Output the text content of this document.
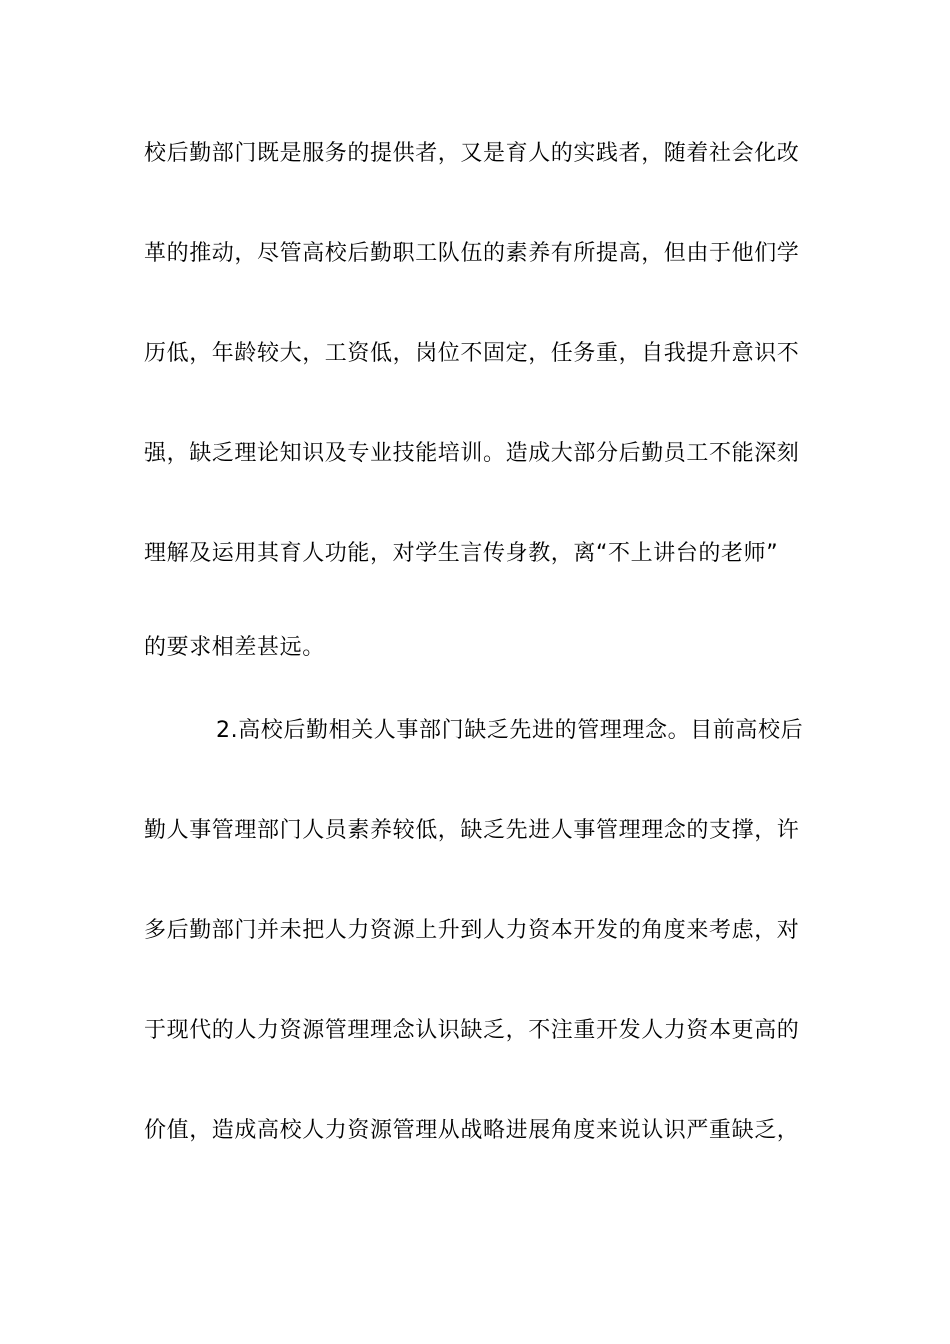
校后勤部门既是服务的提供者，又是育人的实践者，随着社会化改
革的推动，尽管高校后勤职工队伍的素养有所提高，但由于他们学
历低，年龄较大，工资低，岗位不固定，任务重，自我提升意识不
强，缺乏理论知识及专业技能培训。造成大部分后勤员工不能深刻
理解及运用其育人功能，对学生言传身教，离“不上讲台的老师”
的要求相差甚远。
2.高校后勤相关人事部门缺乏先进的管理理念。目前高校后
勤人事管理部门人员素养较低，缺乏先进人事管理理念的支撑，许
多后勤部门并未把人力资源上升到人力资本开发的角度来考虑，对
于现代的人力资源管理理念认识缺乏，不注重开发人力资本更高的
价值，造成高校人力资源管理从战略进展角度来说认识严重缺乏，
